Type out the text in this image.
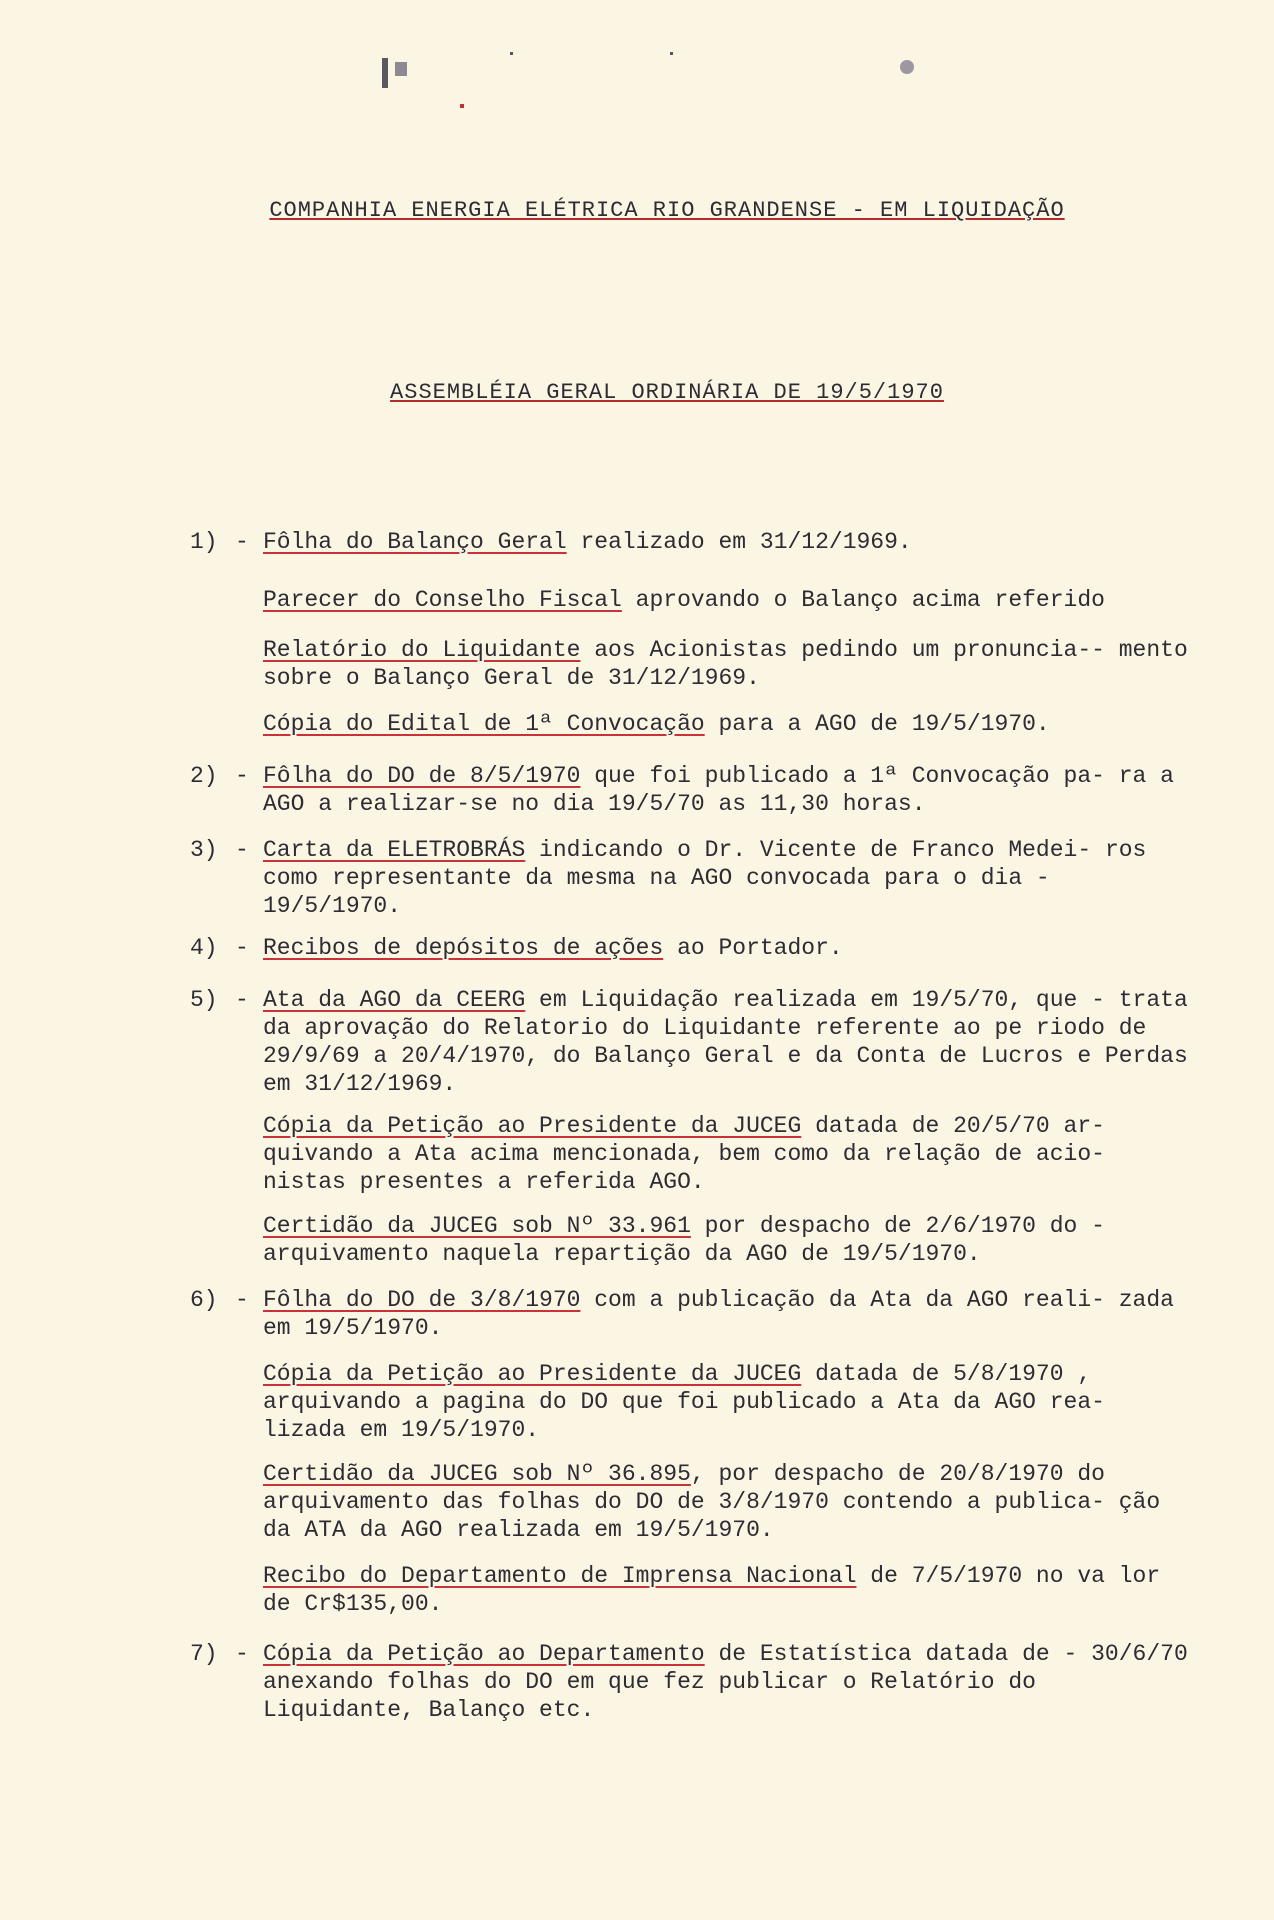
COMPANHIA ENERGIA ELÉTRICA RIO GRANDENSE - EM LIQUIDAÇÃO
ASSEMBLÉIA GERAL ORDINÁRIA DE 19/5/1970
1) - Fôlha do Balanço Geral realizado em 31/12/1969.
Parecer do Conselho Fiscal aprovando o Balanço acima referido
Relatório do Liquidante aos Acionistas pedindo um pronuncia-- mento sobre o Balanço Geral de 31/12/1969.
Cópia do Edital de 1ª Convocação para a AGO de 19/5/1970.
2) - Fôlha do DO de 8/5/1970 que foi publicado a 1ª Convocação pa- ra a AGO a realizar-se no dia 19/5/70 as 11,30 horas.
3) - Carta da ELETROBRÁS indicando o Dr. Vicente de Franco Medei- ros como representante da mesma na AGO convocada para o dia - 19/5/1970.
4) - Recibos de depósitos de ações ao Portador.
5) - Ata da AGO da CEERG em Liquidação realizada em 19/5/70, que - trata da aprovação do Relatorio do Liquidante referente ao pe riodo de 29/9/69 a 20/4/1970, do Balanço Geral e da Conta de Lucros e Perdas em 31/12/1969.
Cópia da Petição ao Presidente da JUCEG datada de 20/5/70 ar- quivando a Ata acima mencionada, bem como da relação de acio- nistas presentes a referida AGO.
Certidão da JUCEG sob Nº 33.961 por despacho de 2/6/1970 do - arquivamento naquela repartição da AGO de 19/5/1970.
6) - Fôlha do DO de 3/8/1970 com a publicação da Ata da AGO reali- zada em 19/5/1970.
Cópia da Petição ao Presidente da JUCEG datada de 5/8/1970 , arquivando a pagina do DO que foi publicado a Ata da AGO rea- lizada em 19/5/1970.
Certidão da JUCEG sob Nº 36.895, por despacho de 20/8/1970 do arquivamento das folhas do DO de 3/8/1970 contendo a publica- ção da ATA da AGO realizada em 19/5/1970.
Recibo do Departamento de Imprensa Nacional de 7/5/1970 no va lor de Cr$135,00.
7) - Cópia da Petição ao Departamento de Estatística datada de - 30/6/70 anexando folhas do DO em que fez publicar o Relatório do Liquidante, Balanço etc.
